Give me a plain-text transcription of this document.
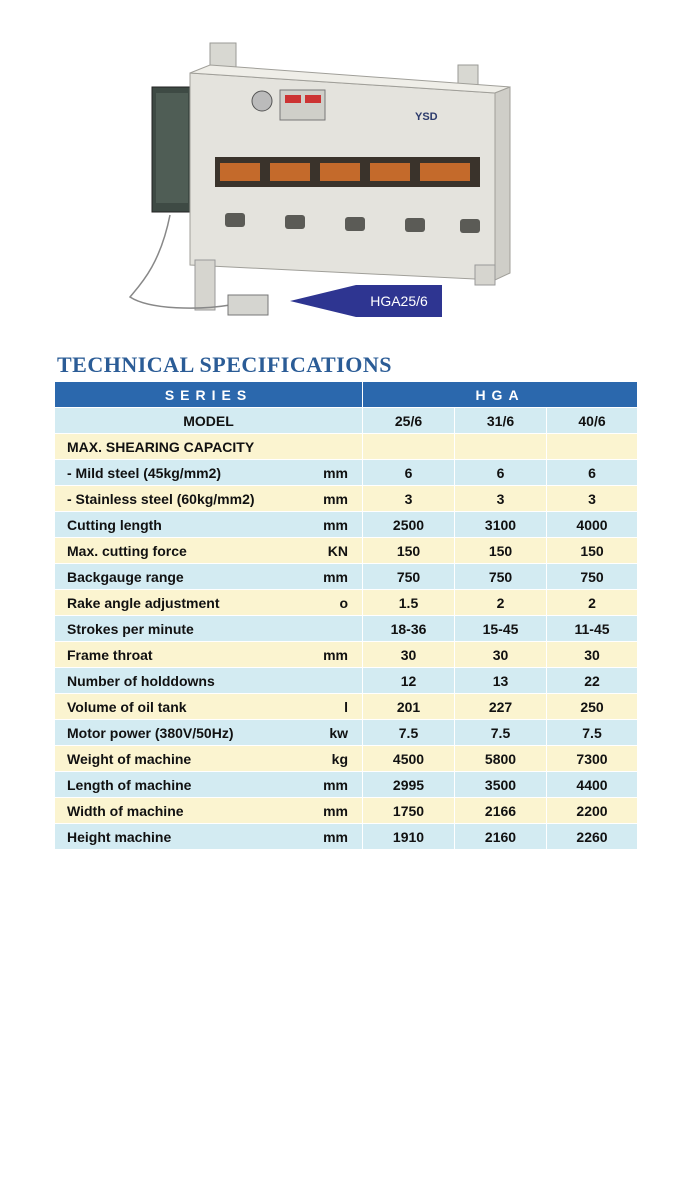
YSD
HGA25/6
TECHNICAL SPECIFICATIONS
SERIES	HGA		
MODEL	25/6	31/6	40/6
MAX. SHEARING CAPACITY			
- Mild steel (45kg/mm2) mm	6	6	6
- Stainless steel (60kg/mm2) mm	3	3	3
Cutting length mm	2500	3100	4000
Max. cutting force KN	150	150	150
Backgauge range mm	750	750	750
Rake angle adjustment o	1.5	2	2
Strokes per minute	18-36	15-45	11-45
Frame throat mm	30	30	30
Number of holddowns	12	13	22
Volume of oil tank l	201	227	250
Motor power (380V/50Hz) kw	7.5	7.5	7.5
Weight of machine kg	4500	5800	7300
Length of machine mm	2995	3500	4400
Width of machine mm	1750	2166	2200
Height machine mm	1910	2160	2260
